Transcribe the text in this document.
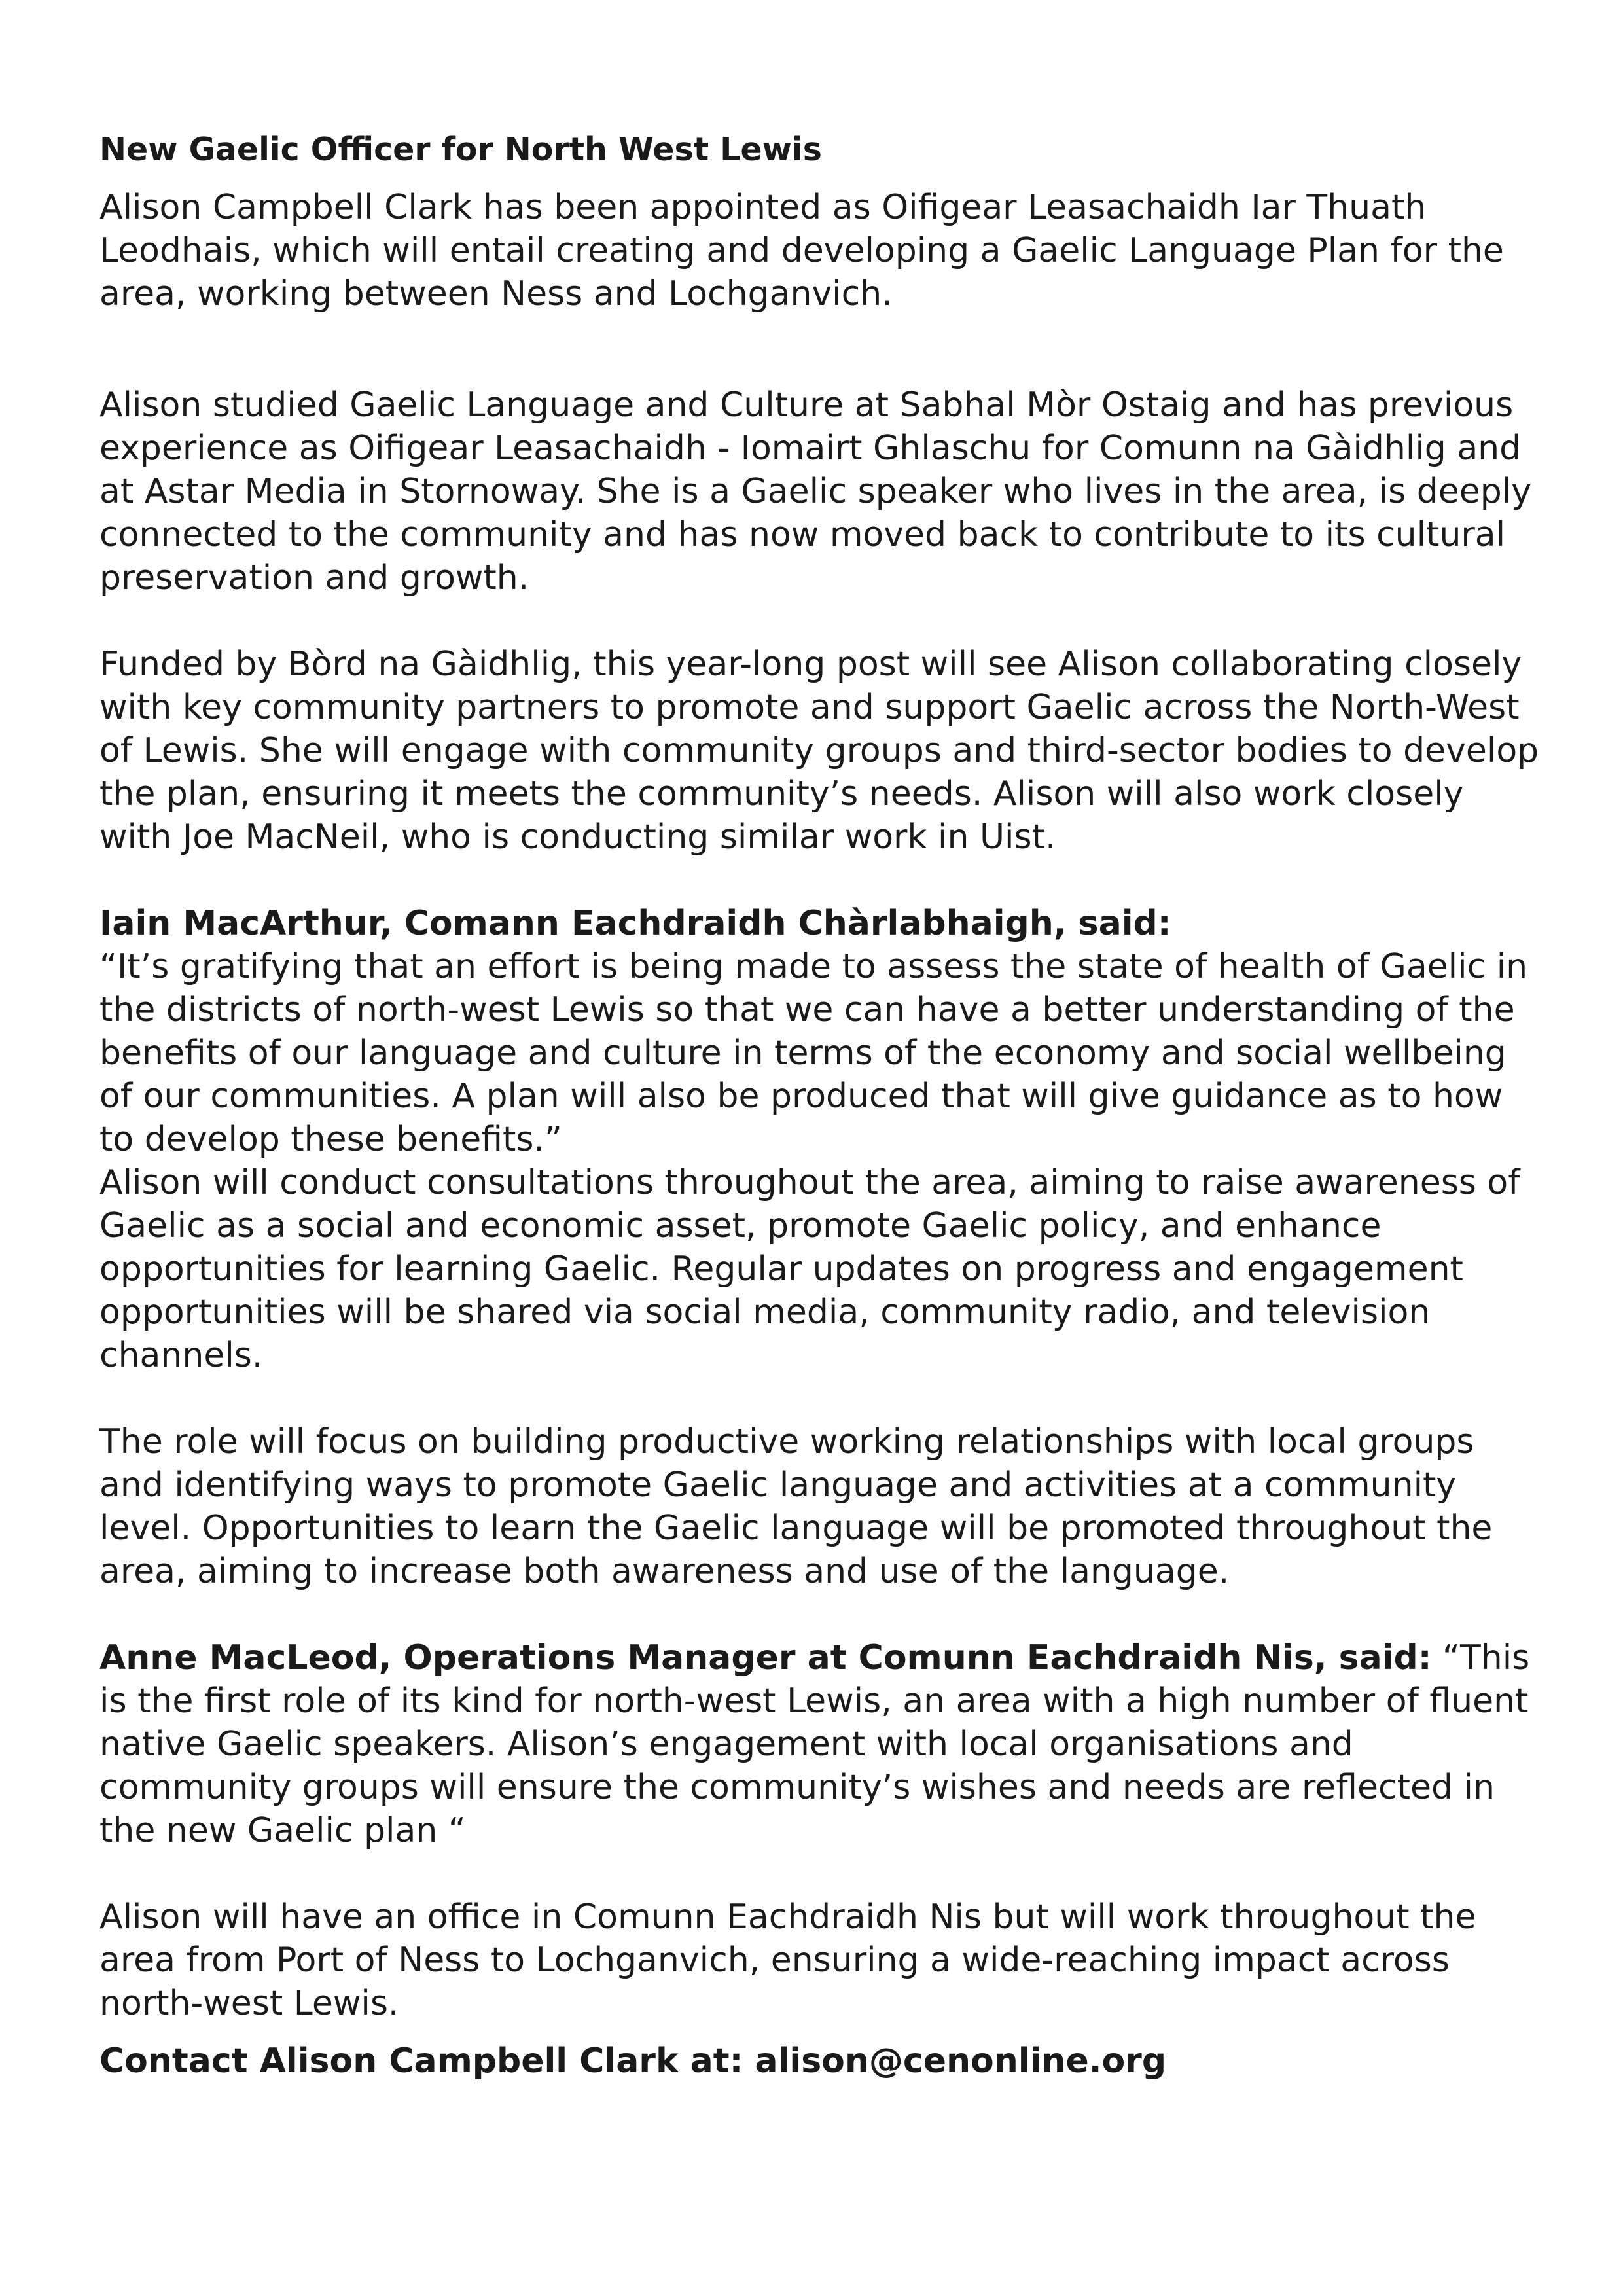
New Gaelic Officer for North West Lewis

Alison Campbell Clark has been appointed as Oifigear Leasachaidh Iar Thuath Leodhais, which will entail creating and developing a Gaelic Language Plan for the area, working between Ness and Lochganvich.

Alison studied Gaelic Language and Culture at Sabhal Mòr Ostaig and has previous experience as Oifigear Leasachaidh - Iomairt Ghlaschu for Comunn na Gàidhlig and at Astar Media in Stornoway. She is a Gaelic speaker who lives in the area, is deeply connected to the community and has now moved back to contribute to its cultural preservation and growth.

Funded by Bòrd na Gàidhlig, this year-long post will see Alison collaborating closely with key community partners to promote and support Gaelic across the North-West of Lewis. She will engage with community groups and third-sector bodies to develop the plan, ensuring it meets the community’s needs. Alison will also work closely with Joe MacNeil, who is conducting similar work in Uist.

Iain MacArthur, Comann Eachdraidh Chàrlabhaigh, said:
“It’s gratifying that an effort is being made to assess the state of health of Gaelic in the districts of north-west Lewis so that we can have a better understanding of the benefits of our language and culture in terms of the economy and social wellbeing of our communities. A plan will also be produced that will give guidance as to how to develop these benefits.”

Alison will conduct consultations throughout the area, aiming to raise awareness of Gaelic as a social and economic asset, promote Gaelic policy, and enhance opportunities for learning Gaelic. Regular updates on progress and engagement opportunities will be shared via social media, community radio, and television channels.

The role will focus on building productive working relationships with local groups and identifying ways to promote Gaelic language and activities at a community level. Opportunities to learn the Gaelic language will be promoted throughout the area, aiming to increase both awareness and use of the language.

Anne MacLeod, Operations Manager at Comunn Eachdraidh Nis, said: “This is the first role of its kind for north-west Lewis, an area with a high number of fluent native Gaelic speakers. Alison’s engagement with local organisations and community groups will ensure the community’s wishes and needs are reflected in the new Gaelic plan “

Alison will have an office in Comunn Eachdraidh Nis but will work throughout the area from Port of Ness to Lochganvich, ensuring a wide-reaching impact across north-west Lewis.

Contact Alison Campbell Clark at: alison@cenonline.org
